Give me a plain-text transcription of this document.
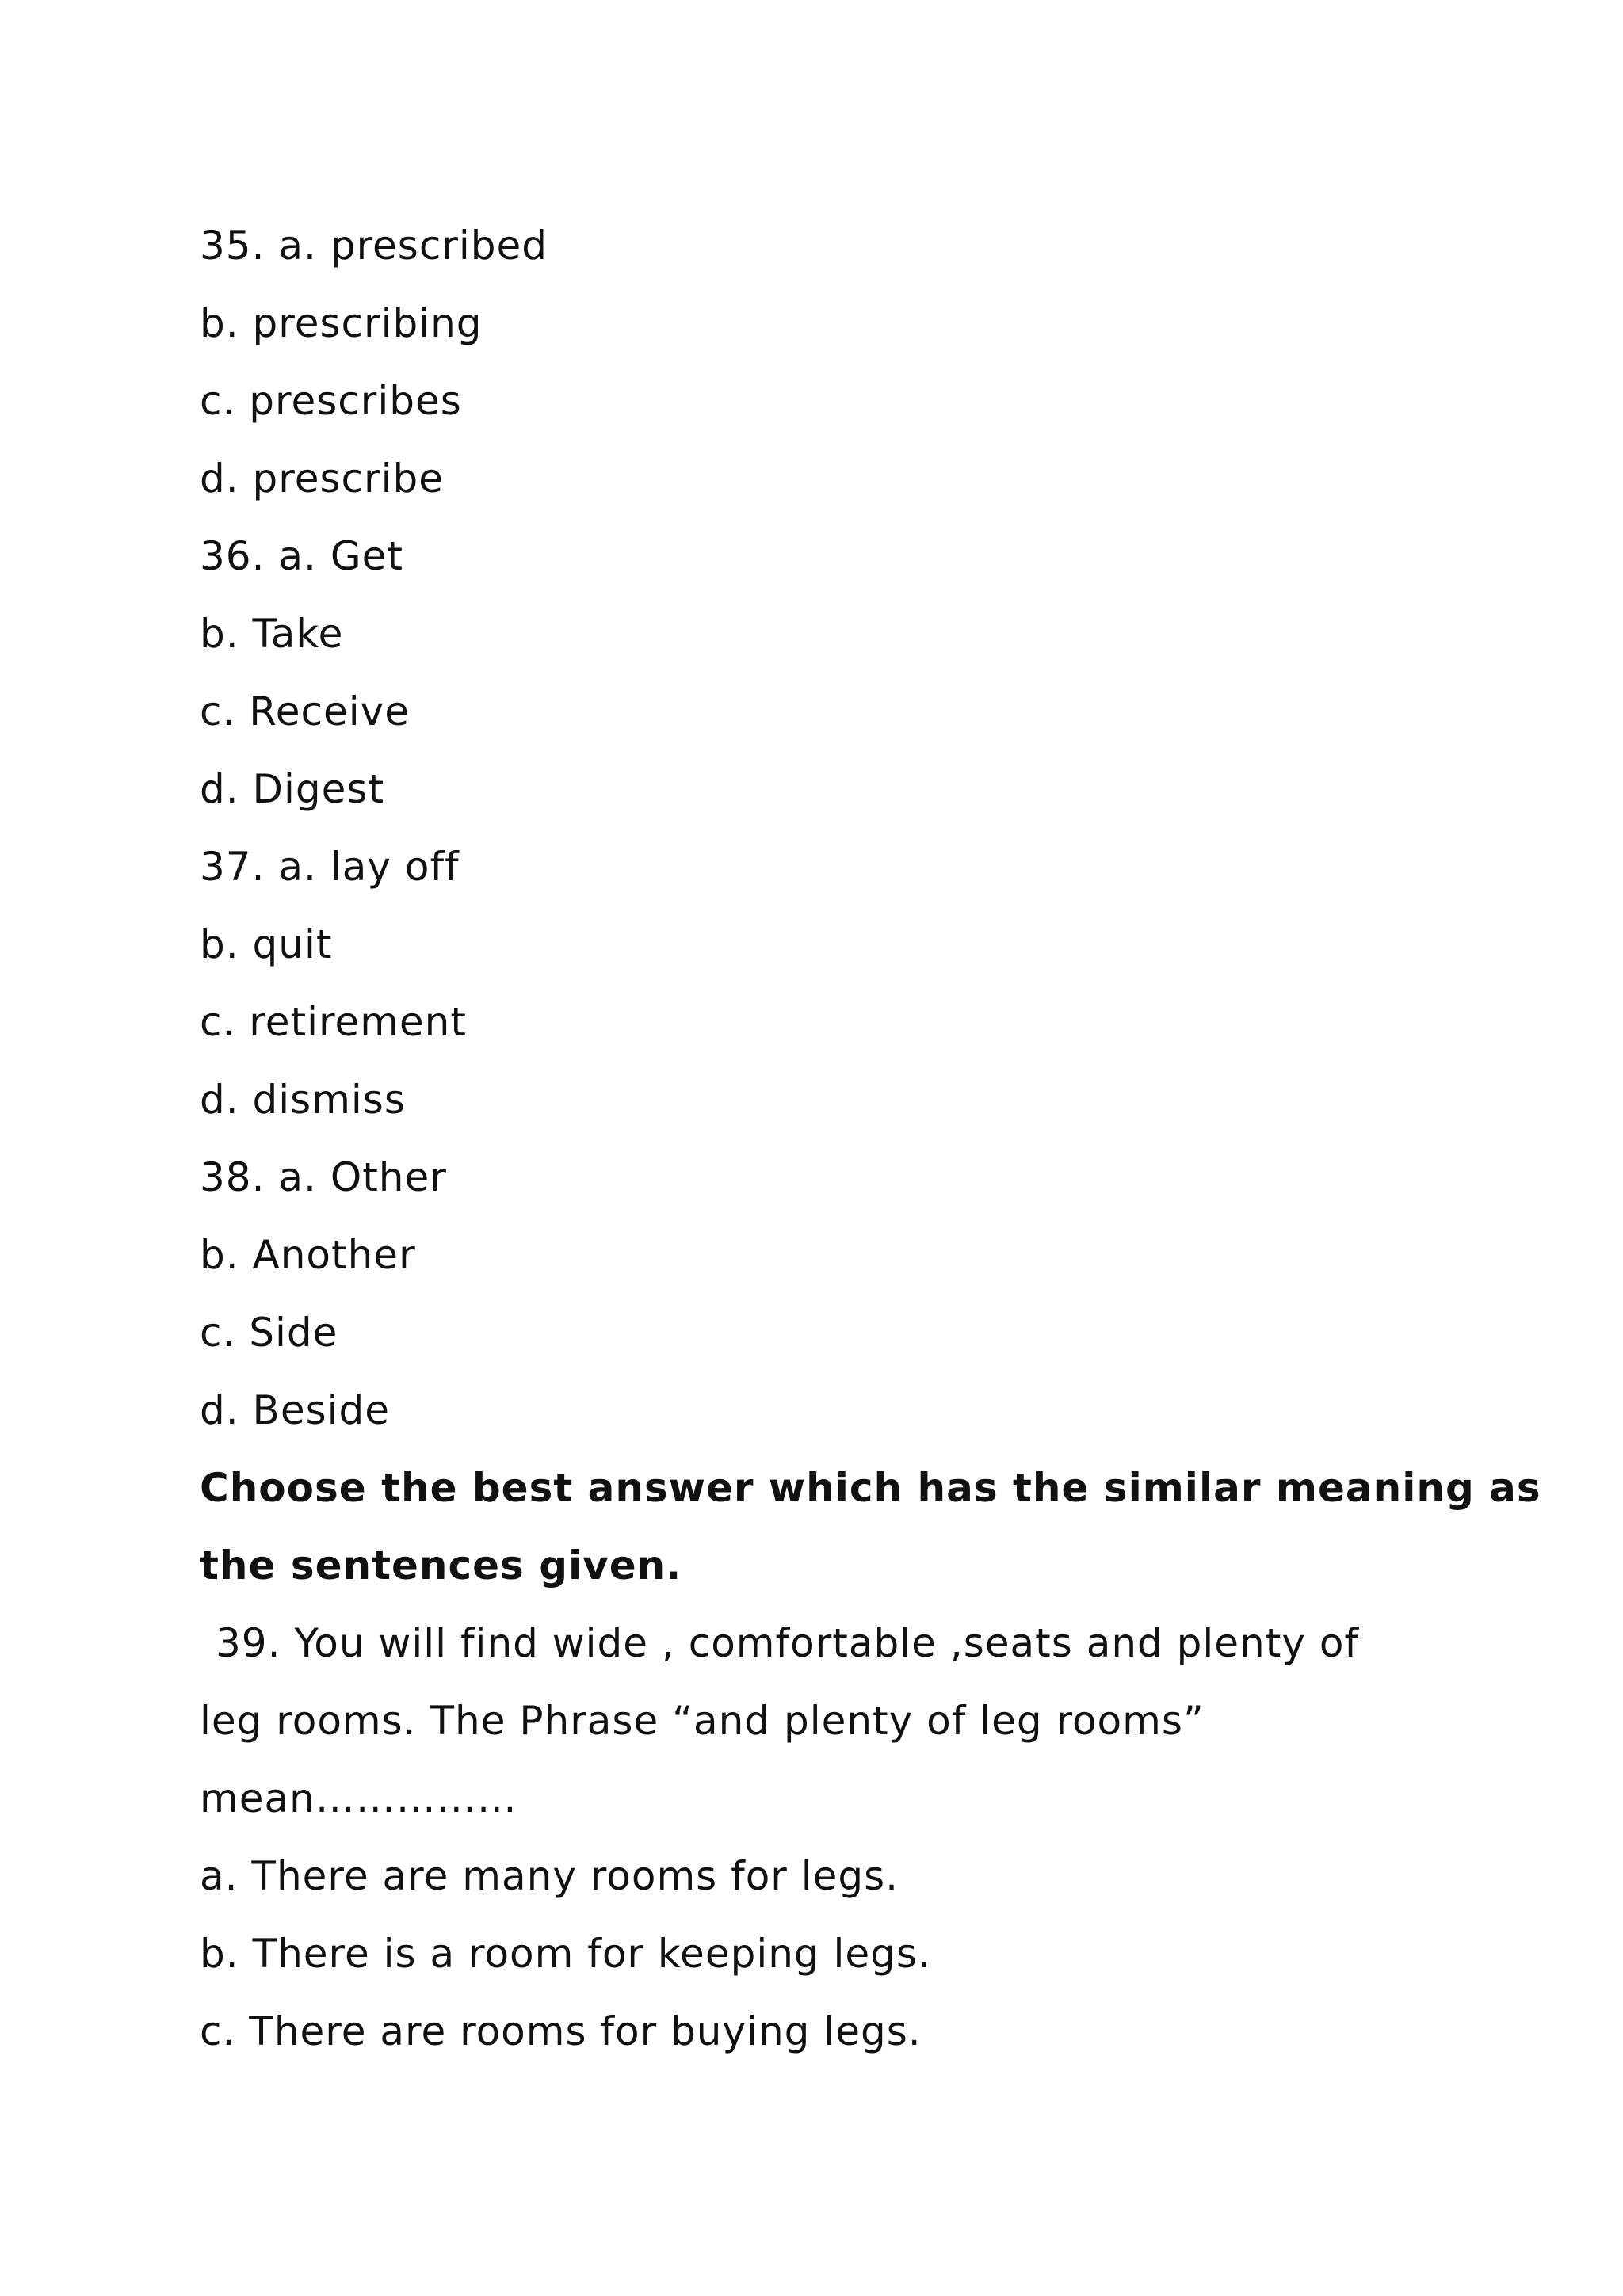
35. a. prescribed
b. prescribing
c. prescribes
d. prescribe
36. a. Get
b. Take
c. Receive
d. Digest
37. a. lay off
b. quit
c. retirement
d. dismiss
38. a. Other
b. Another
c. Side
d. Beside
Choose the best answer which has the similar meaning as
the sentences given.
39. You will find wide , comfortable ,seats and plenty of
leg rooms. The Phrase “and plenty of leg rooms”
mean……………
a. There are many rooms for legs.
b. There is a room for keeping legs.
c. There are rooms for buying legs.
